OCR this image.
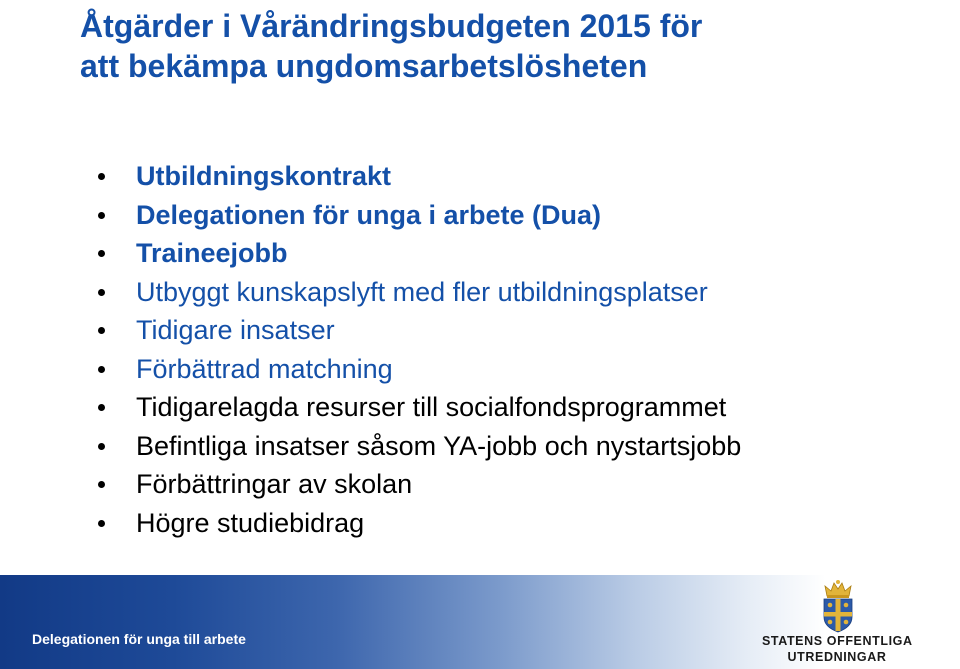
Åtgärder i Vårändringsbudgeten 2015 för
att bekämpa ungdomsarbetslösheten
Utbildningskontrakt
Delegationen för unga i arbete (Dua)
Traineejobb
Utbyggt kunskapslyft med fler utbildningsplatser
Tidigare insatser
Förbättrad matchning
Tidigarelagda resurser till socialfondsprogrammet
Befintliga insatser såsom YA-jobb och nystartsjobb
Förbättringar av skolan
Högre studiebidrag
Delegationen för unga till arbete	STATENS OFFENTLIGA
UTREDNINGAR
